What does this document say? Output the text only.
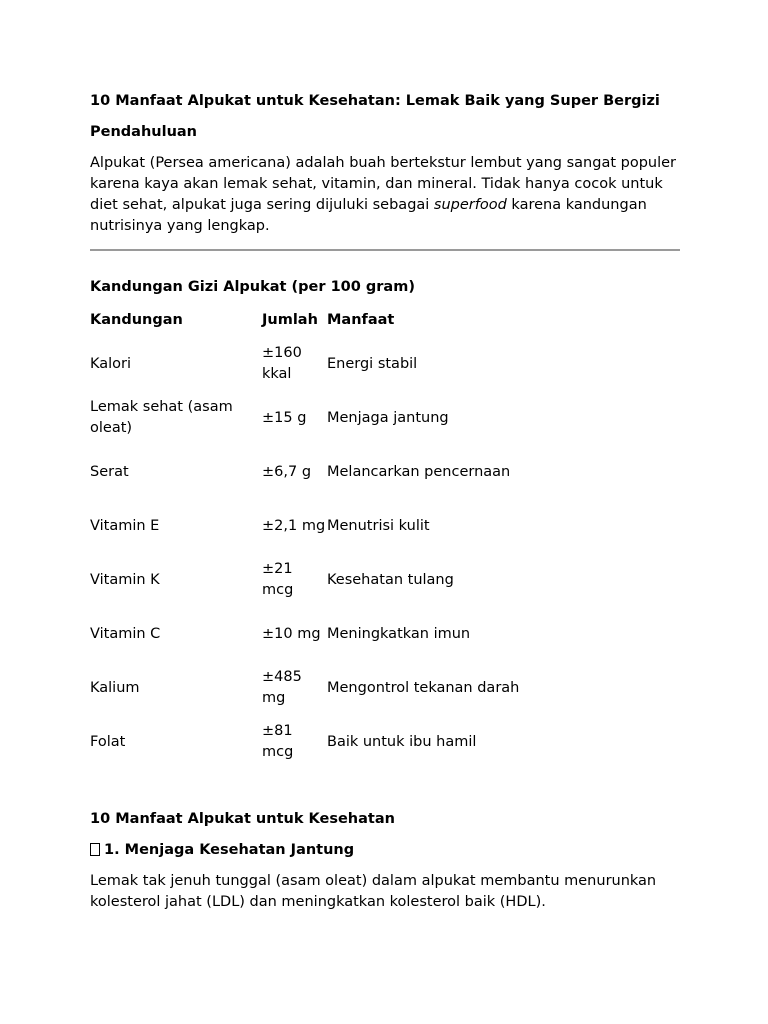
10 Manfaat Alpukat untuk Kesehatan: Lemak Baik yang Super Bergizi
Pendahuluan

Alpukat (Persea americana) adalah buah bertekstur lembut yang sangat populer karena kaya akan lemak sehat, vitamin, dan mineral. Tidak hanya cocok untuk diet sehat, alpukat juga sering dijuluki sebagai superfood karena kandungan nutrisinya yang lengkap.

Kandungan Gizi Alpukat (per 100 gram)
Kandungan	Jumlah	Manfaat
Kalori	±160 kkal	Energi stabil
Lemak sehat (asam oleat)	±15 g	Menjaga jantung
Serat	±6,7 g	Melancarkan pencernaan
Vitamin E	±2,1 mg	Menutrisi kulit
Vitamin K	±21 mcg	Kesehatan tulang
Vitamin C	±10 mg	Meningkatkan imun
Kalium	±485 mg	Mengontrol tekanan darah
Folat	±81 mcg	Baik untuk ibu hamil
10 Manfaat Alpukat untuk Kesehatan
1. Menjaga Kesehatan Jantung

Lemak tak jenuh tunggal (asam oleat) dalam alpukat membantu menurunkan kolesterol jahat (LDL) dan meningkatkan kolesterol baik (HDL).
